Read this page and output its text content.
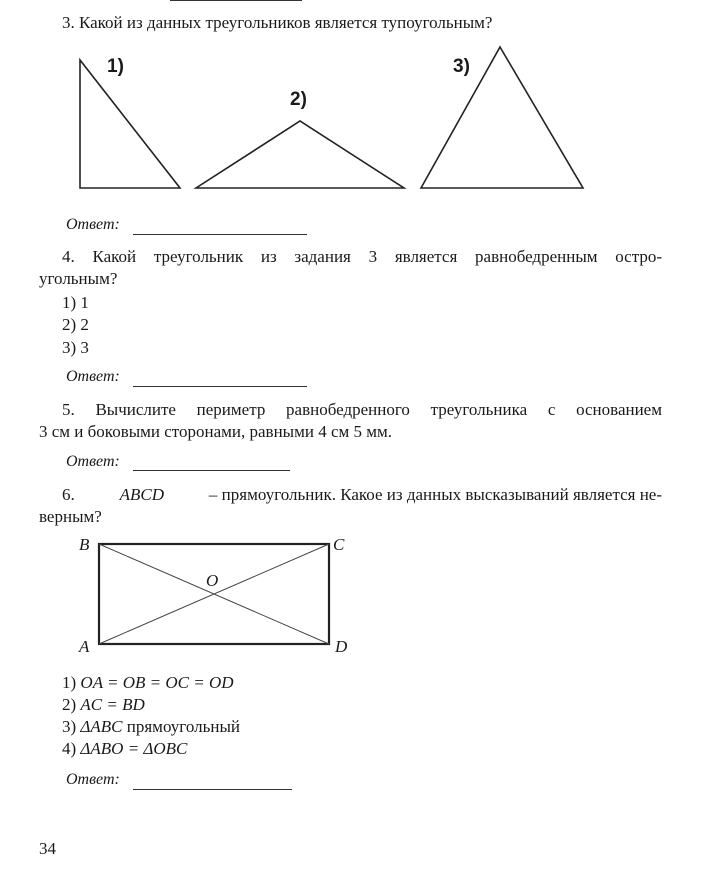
3. Какой из данных треугольников является тупоугольным?
1)
2)
3)
Ответ:
4. Какой треугольник из задания 3 является равнобедренным остро-
угольным?
1) 1
2) 2
3) 3
Ответ:
5. Вычислите периметр равнобедренного треугольника с основанием
3 см и боковыми сторонами, равными 4 см 5 мм.
Ответ:
6.	ABCD	– прямоугольник. Какое из данных высказываний является не-
верным?
B	C
O
A	D
1) OA = OB = OC = OD
2) AC = BD
3) ΔABC прямоугольный
4) ΔABO = ΔOBC
Ответ:
34
